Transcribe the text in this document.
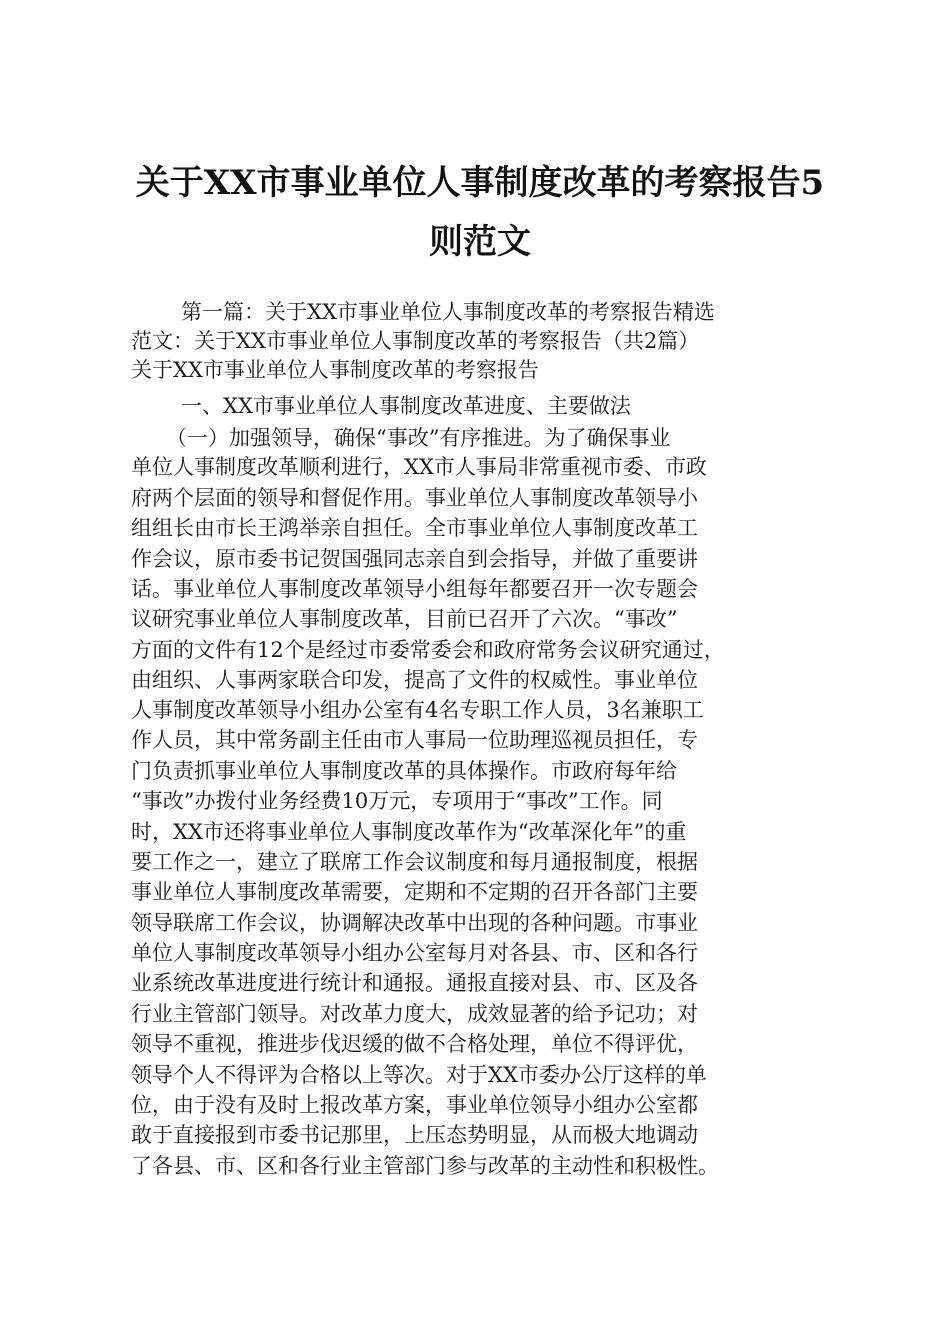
关于XX市事业单位人事制度改革的考察报告5
则范文
第一篇：关于XX市事业单位人事制度改革的考察报告精选
范文：关于XX市事业单位人事制度改革的考察报告（共2篇）
关于XX市事业单位人事制度改革的考察报告
一、XX市事业单位人事制度改革进度、主要做法
（一）加强领导，确保“事改”有序推进。为了确保事业
单位人事制度改革顺利进行，XX市人事局非常重视市委、市政
府两个层面的领导和督促作用。事业单位人事制度改革领导小
组组长由市长王鸿举亲自担任。全市事业单位人事制度改革工
作会议，原市委书记贺国强同志亲自到会指导，并做了重要讲
话。事业单位人事制度改革领导小组每年都要召开一次专题会
议研究事业单位人事制度改革，目前已召开了六次。“事改”
方面的文件有12个是经过市委常委会和政府常务会议研究通过，
由组织、人事两家联合印发，提高了文件的权威性。事业单位
人事制度改革领导小组办公室有4名专职工作人员，3名兼职工
作人员，其中常务副主任由市人事局一位助理巡视员担任，专
门负责抓事业单位人事制度改革的具体操作。市政府每年给
“事改”办拨付业务经费10万元，专项用于“事改”工作。同
时，XX市还将事业单位人事制度改革作为“改革深化年”的重
要工作之一，建立了联席工作会议制度和每月通报制度，根据
事业单位人事制度改革需要，定期和不定期的召开各部门主要
领导联席工作会议，协调解决改革中出现的各种问题。市事业
单位人事制度改革领导小组办公室每月对各县、市、区和各行
业系统改革进度进行统计和通报。通报直接对县、市、区及各
行业主管部门领导。对改革力度大，成效显著的给予记功；对
领导不重视，推进步伐迟缓的做不合格处理，单位不得评优，
领导个人不得评为合格以上等次。对于XX市委办公厅这样的单
位，由于没有及时上报改革方案，事业单位领导小组办公室都
敢于直接报到市委书记那里，上压态势明显，从而极大地调动
了各县、市、区和各行业主管部门参与改革的主动性和积极性。
